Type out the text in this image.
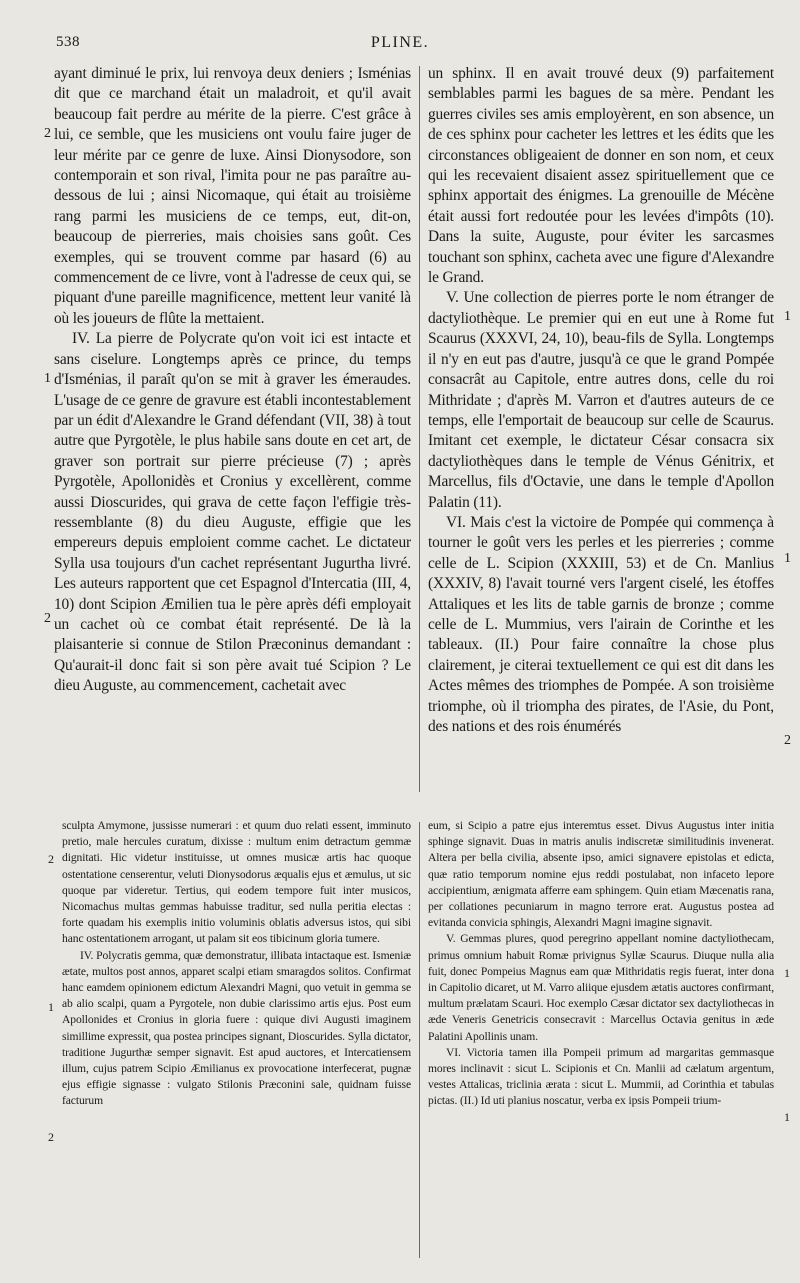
538	PLINE.

ayant diminué le prix, lui renvoya deux deniers ; Isménias dit que ce marchand était un maladroit, et qu'il avait beaucoup fait perdre au mérite de la pierre. C'est grâce à lui, ce semble, que les musiciens ont voulu faire juger de leur mérite par ce genre de luxe. Ainsi Dionysodore, son contemporain et son rival, l'imita pour ne pas paraître au-dessous de lui ; ainsi Nicomaque, qui était au troisième rang parmi les musiciens de ce temps, eut, dit-on, beaucoup de pierreries, mais choisies sans goût. Ces exemples, qui se trouvent comme par hasard (6) au commencement de ce livre, vont à l'adresse de ceux qui, se piquant d'une pareille magnificence, mettent leur vanité là où les joueurs de flûte la mettaient.

IV. La pierre de Polycrate qu'on voit ici est intacte et sans ciselure. Longtemps après ce prince, du temps d'Isménias, il paraît qu'on se mit à graver les émeraudes. L'usage de ce genre de gravure est établi incontestablement par un édit d'Alexandre le Grand défendant (VII, 38) à tout autre que Pyrgotèle, le plus habile sans doute en cet art, de graver son portrait sur pierre précieuse (7) ; après Pyrgotèle, Apollonidès et Cronius y excellèrent, comme aussi Dioscurides, qui grava de cette façon l'effigie très-ressemblante (8) du dieu Auguste, effigie que les empereurs depuis emploient comme cachet. Le dictateur Sylla usa toujours d'un cachet représentant Jugurtha livré. Les auteurs rapportent que cet Espagnol d'Intercatia (III, 4, 10) dont Scipion Æmilien tua le père après défi employait un cachet où ce combat était représenté. De là la plaisanterie si connue de Stilon Præconinus demandant : Qu'aurait-il donc fait si son père avait tué Scipion ? Le dieu Auguste, au commencement, cachetait avec

un sphinx. Il en avait trouvé deux (9) parfaitement semblables parmi les bagues de sa mère. Pendant les guerres civiles ses amis employèrent, en son absence, un de ces sphinx pour cacheter les lettres et les édits que les circonstances obligeaient de donner en son nom, et ceux qui les recevaient disaient assez spirituellement que ce sphinx apportait des énigmes. La grenouille de Mécène était aussi fort redoutée pour les levées d'impôts (10). Dans la suite, Auguste, pour éviter les sarcasmes touchant son sphinx, cacheta avec une figure d'Alexandre le Grand.

V. Une collection de pierres porte le nom étranger de dactyliothèque. Le premier qui en eut une à Rome fut Scaurus (XXXVI, 24, 10), beau-fils de Sylla. Longtemps il n'y en eut pas d'autre, jusqu'à ce que le grand Pompée consacrât au Capitole, entre autres dons, celle du roi Mithridate ; d'après M. Varron et d'autres auteurs de ce temps, elle l'emportait de beaucoup sur celle de Scaurus. Imitant cet exemple, le dictateur César consacra six dactyliothèques dans le temple de Vénus Génitrix, et Marcellus, fils d'Octavie, une dans le temple d'Apollon Palatin (11).

VI. Mais c'est la victoire de Pompée qui commença à tourner le goût vers les perles et les pierreries ; comme celle de L. Scipion (XXXIII, 53) et de Cn. Manlius (XXXIV, 8) l'avait tourné vers l'argent ciselé, les étoffes Attaliques et les lits de table garnis de bronze ; comme celle de L. Mummius, vers l'airain de Corinthe et les tableaux. (II.) Pour faire connaître la chose plus clairement, je citerai textuellement ce qui est dit dans les Actes mêmes des triomphes de Pompée. A son troisième triomphe, où il triompha des pirates, de l'Asie, du Pont, des nations et des rois énumérés

sculpta Amymone, jussisse numerari : et quum duo relati essent, imminuto pretio, male hercules curatum, dixisse : multum enim detractum gemmæ dignitati. Hic videtur instituisse, ut omnes musicæ artis hac quoque ostentatione censerentur, veluti Dionysodorus æqualis ejus et æmulus, ut sic quoque par videretur. Tertius, qui eodem tempore fuit inter musicos, Nicomachus multas gemmas habuisse traditur, sed nulla peritia electas : forte quadam his exemplis initio voluminis oblatis adversus istos, qui sibi hanc ostentationem arrogant, ut palam sit eos tibicinum gloria tumere.

IV. Polycratis gemma, quæ demonstratur, illibata intactaque est. Ismeniæ ætate, multos post annos, apparet scalpi etiam smaragdos solitos. Confirmat hanc eamdem opinionem edictum Alexandri Magni, quo vetuit in gemma se ab alio scalpi, quam a Pyrgotele, non dubie clarissimo artis ejus. Post eum Apollonides et Cronius in gloria fuere : quique divi Augusti imaginem simillime expressit, qua postea principes signant, Dioscurides. Sylla dictator, traditione Jugurthæ semper signavit. Est apud auctores, et Intercatiensem illum, cujus patrem Scipio Æmilianus ex provocatione interfecerat, pugnæ ejus effigie signasse : vulgato Stilonis Præconini sale, quidnam fuisse facturum

eum, si Scipio a patre ejus interemtus esset. Divus Augustus inter initia sphinge signavit. Duas in matris anulis indiscretæ similitudinis invenerat. Altera per bella civilia, absente ipso, amici signavere epistolas et edicta, quæ ratio temporum nomine ejus reddi postulabat, non infaceto lepore accipientium, ænigmata afferre eam sphingem. Quin etiam Mæcenatis rana, per collationes pecuniarum in magno terrore erat. Augustus postea ad evitanda convicia sphingis, Alexandri Magni imagine signavit.

V. Gemmas plures, quod peregrino appellant nomine dactyliothecam, primus omnium habuit Romæ privignus Syllæ Scaurus. Diuque nulla alia fuit, donec Pompeius Magnus eam quæ Mithridatis regis fuerat, inter dona in Capitolio dicaret, ut M. Varro aliique ejusdem ætatis auctores confirmant, multum prælatam Scauri. Hoc exemplo Cæsar dictator sex dactyliothecas in æde Veneris Genetricis consecravit : Marcellus Octavia genitus in æde Palatini Apollinis unam.

VI. Victoria tamen illa Pompeii primum ad margaritas gemmasque mores inclinavit : sicut L. Scipionis et Cn. Manlii ad cælatum argentum, vestes Attalicas, triclinia ærata : sicut L. Mummii, ad Corinthia et tabulas pictas. (II.) Id uti planius noscatur, verba ex ipsis Pompeii trium-

2
1
2
1
1
2
2
1
2
1
1
